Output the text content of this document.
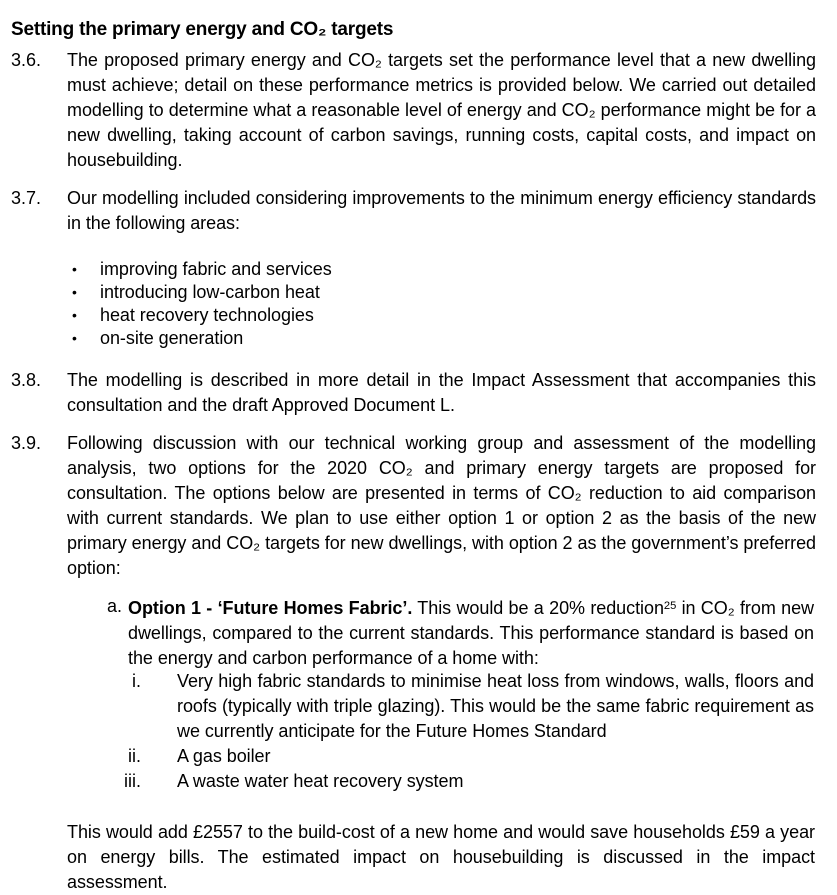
Setting the primary energy and CO₂ targets
3.6.	The proposed primary energy and CO₂ targets set the performance level that a new dwelling must achieve; detail on these performance metrics is provided below. We carried out detailed modelling to determine what a reasonable level of energy and CO₂ performance might be for a new dwelling, taking account of carbon savings, running costs, capital costs, and impact on housebuilding.
3.7.	Our modelling included considering improvements to the minimum energy efficiency standards in the following areas:
• improving fabric and services
• introducing low-carbon heat
• heat recovery technologies
• on-site generation
3.8.	The modelling is described in more detail in the Impact Assessment that accompanies this consultation and the draft Approved Document L.
3.9.	Following discussion with our technical working group and assessment of the modelling analysis, two options for the 2020 CO₂ and primary energy targets are proposed for consultation. The options below are presented in terms of CO₂ reduction to aid comparison with current standards. We plan to use either option 1 or option 2 as the basis of the new primary energy and CO₂ targets for new dwellings, with option 2 as the government’s preferred option:
a. Option 1 - ‘Future Homes Fabric’. This would be a 20% reduction$^{25}$ in CO₂ from new dwellings, compared to the current standards. This performance standard is based on the energy and carbon performance of a home with:
i. Very high fabric standards to minimise heat loss from windows, walls, floors and roofs (typically with triple glazing). This would be the same fabric requirement as we currently anticipate for the Future Homes Standard
ii. A gas boiler
iii. A waste water heat recovery system
This would add £2557 to the build-cost of a new home and would save households £59 a year on energy bills. The estimated impact on housebuilding is discussed in the impact assessment.
